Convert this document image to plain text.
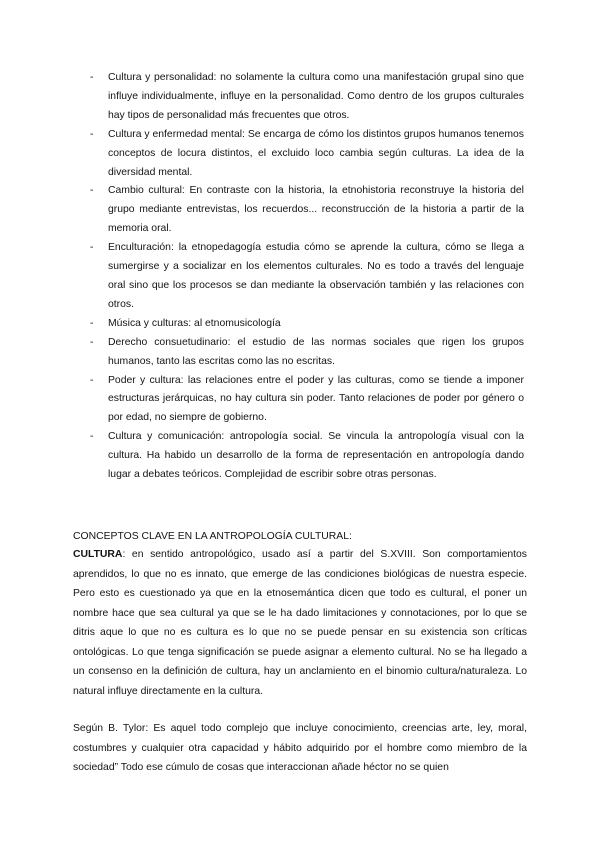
- Cultura y personalidad: no solamente la cultura como una manifestación grupal sino que influye individualmente, influye en la personalidad. Como dentro de los grupos culturales hay tipos de personalidad más frecuentes que otros.
- Cultura y enfermedad mental: Se encarga de cómo los distintos grupos humanos tenemos conceptos de locura distintos, el excluido loco cambia según culturas. La idea de la diversidad mental.
- Cambio cultural: En contraste con la historia, la etnohistoria reconstruye la historia del grupo mediante entrevistas, los recuerdos... reconstrucción de la historia a partir de la memoria oral.
- Enculturación: la etnopedagogía estudia cómo se aprende la cultura, cómo se llega a sumergirse y a socializar en los elementos culturales. No es todo a través del lenguaje oral sino que los procesos se dan mediante la observación también y las relaciones con otros.
- Música y culturas: al etnomusicología
- Derecho consuetudinario: el estudio de las normas sociales que rigen los grupos humanos, tanto las escritas como las no escritas.
- Poder y cultura: las relaciones entre el poder y las culturas, como se tiende a imponer estructuras jerárquicas, no hay cultura sin poder. Tanto relaciones de poder por género o por edad, no siempre de gobierno.
- Cultura y comunicación: antropología social. Se vincula la antropología visual con la cultura. Ha habido un desarrollo de la forma de representación en antropología dando lugar a debates teóricos. Complejidad de escribir sobre otras personas.
CONCEPTOS CLAVE EN LA ANTROPOLOGÍA CULTURAL:

CULTURA: en sentido antropológico, usado así a partir del S.XVIII. Son comportamientos aprendidos, lo que no es innato, que emerge de las condiciones biológicas de nuestra especie. Pero esto es cuestionado ya que en la etnosemántica dicen que todo es cultural, el poner un nombre hace que sea cultural ya que se le ha dado limitaciones y connotaciones, por lo que se ditris aque lo que no es cultura es lo que no se puede pensar en su existencia son críticas ontológicas. Lo que tenga significación se puede asignar a elemento cultural. No se ha llegado a un consenso en la definición de cultura, hay un anclamiento en el binomio cultura/naturaleza. Lo natural influye directamente en la cultura.

Según B. Tylor: Es aquel todo complejo que incluye conocimiento, creencias arte, ley, moral, costumbres y cualquier otra capacidad y hábito adquirido por el hombre como miembro de la sociedad” Todo ese cúmulo de cosas que interaccionan añade héctor no se quien
